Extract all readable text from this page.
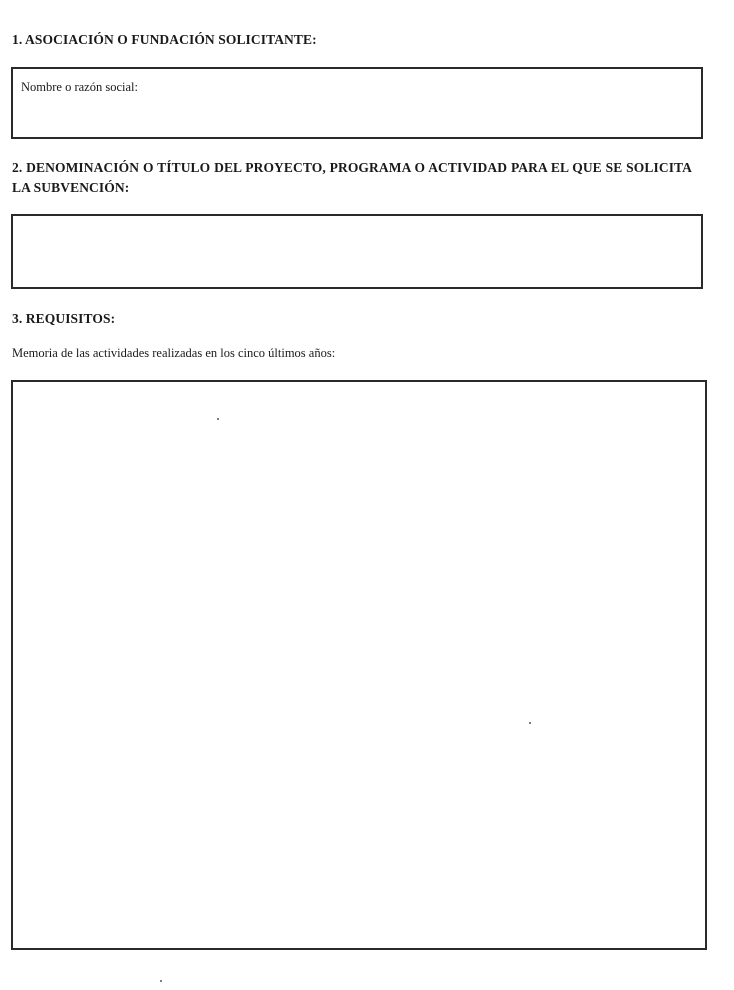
1. ASOCIACIÓN O FUNDACIÓN SOLICITANTE:
Nombre o razón social:
2. DENOMINACIÓN O TÍTULO DEL PROYECTO, PROGRAMA O ACTIVIDAD PARA EL QUE SE SOLICITA LA SUBVENCIÓN:
3. REQUISITOS:
Memoria de las actividades realizadas en los cinco últimos años:
